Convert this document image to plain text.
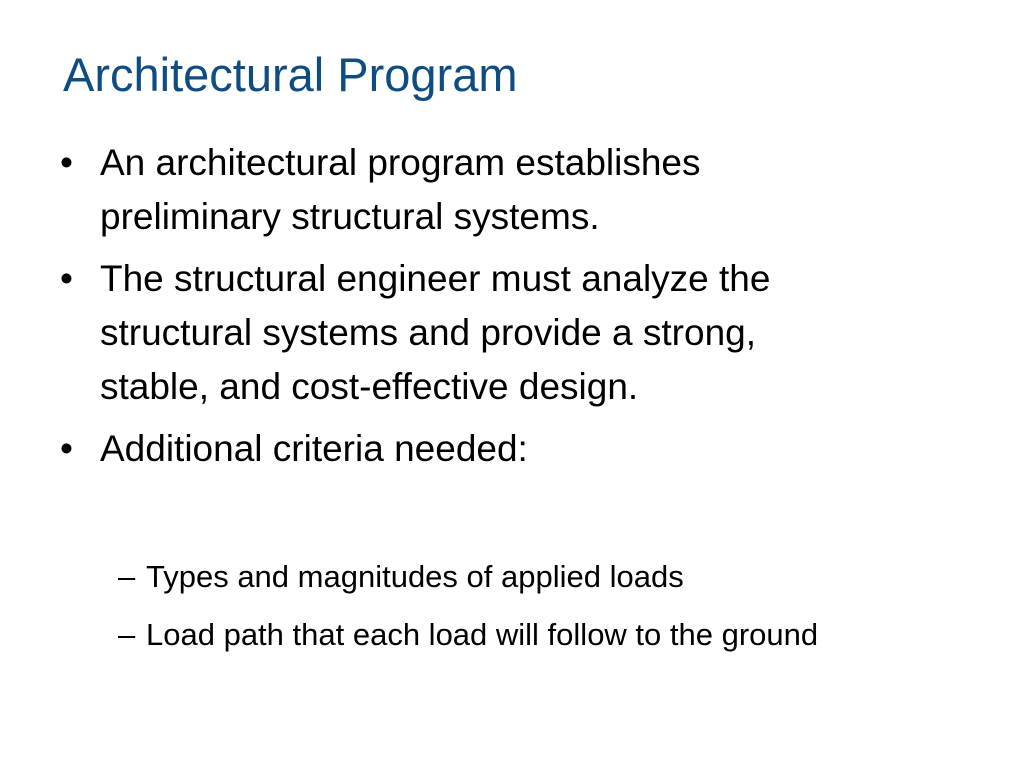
Architectural Program
• An architectural program establishes preliminary structural systems.
• The structural engineer must analyze the structural systems and provide a strong, stable, and cost-effective design.
• Additional criteria needed:
– Types and magnitudes of applied loads
– Load path that each load will follow to the ground
